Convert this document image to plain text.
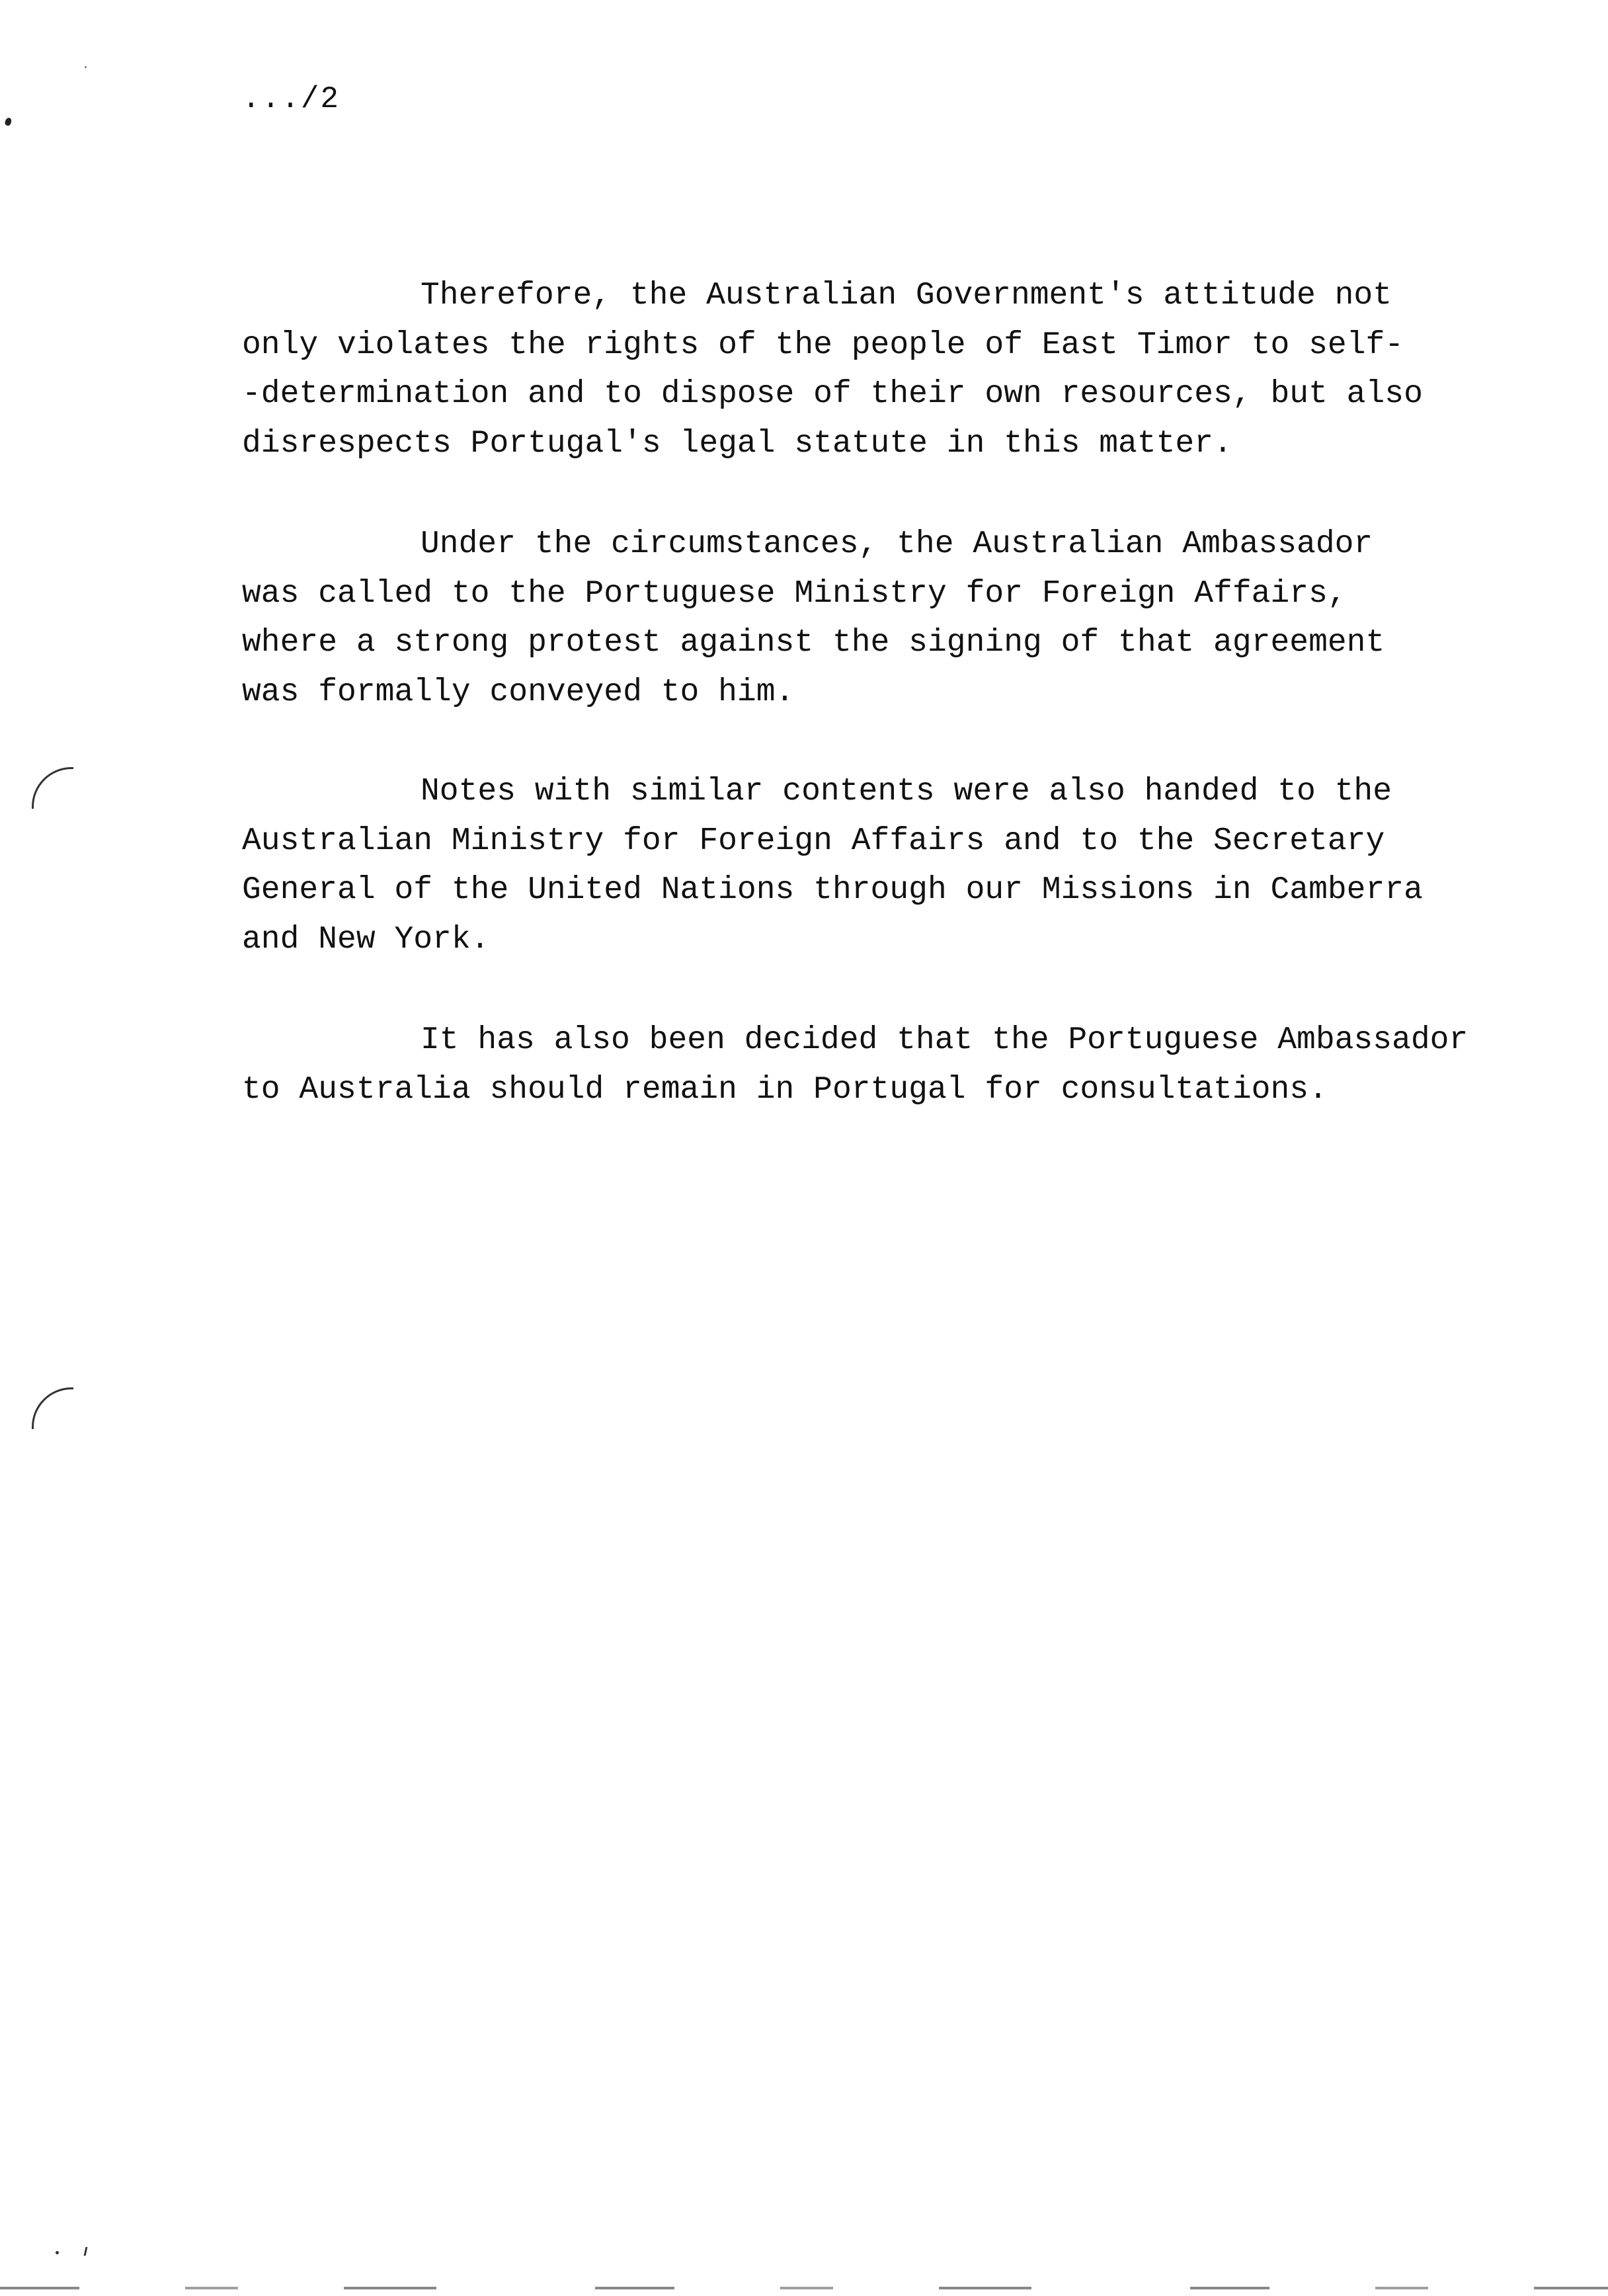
.../2
Therefore, the Australian Government's attitude not
only violates the rights of the people of East Timor to self-
-determination and to dispose of their own resources, but also
disrespects Portugal's legal statute in this matter.
Under the circumstances, the Australian Ambassador
was called to the Portuguese Ministry for Foreign Affairs,
where a strong protest against the signing of that agreement
was formally conveyed to him.
Notes with similar contents were also handed to the
Australian Ministry for Foreign Affairs and to the Secretary
General of the United Nations through our Missions in Camberra
and New York.
It has also been decided that the Portuguese Ambassador
to Australia should remain in Portugal for consultations.
